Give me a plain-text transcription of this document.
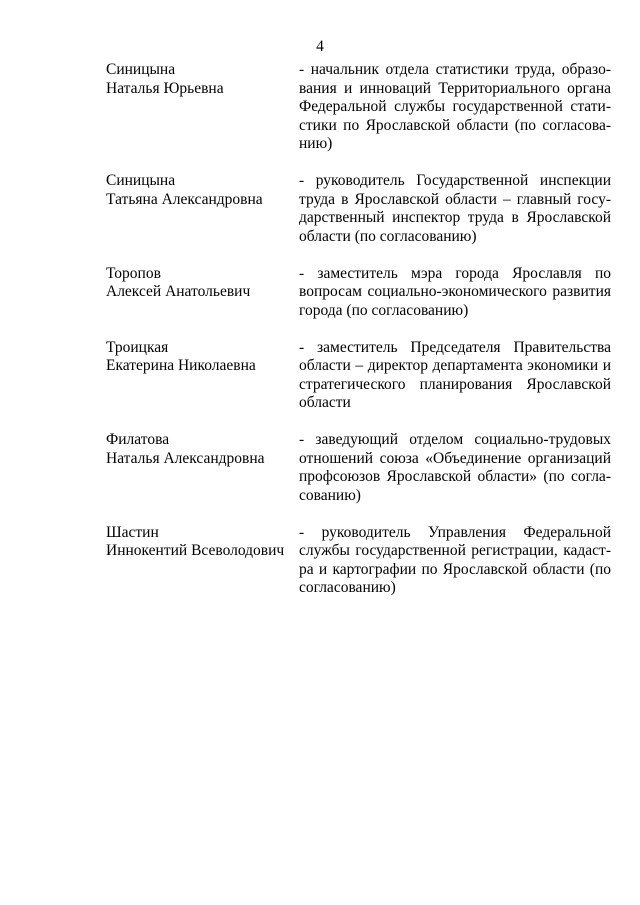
4
Синицына
Наталья Юрьевна
- начальник отдела статистики труда, образования и инноваций Территориального органа Федеральной службы государственной статистики по Ярославской области (по согласованию)
Синицына
Татьяна Александровна
- руководитель Государственной инспекции труда в Ярославской области – главный государственный инспектор труда в Ярославской области (по согласованию)
Торопов
Алексей Анатольевич
- заместитель мэра города Ярославля по вопросам социально-экономического развития города (по согласованию)
Троицкая
Екатерина Николаевна
- заместитель Председателя Правительства области – директор департамента экономики и стратегического планирования Ярославской области
Филатова
Наталья Александровна
- заведующий отделом социально-трудовых отношений союза «Объединение организаций профсоюзов Ярославской области» (по согласованию)
Шастин
Иннокентий Всеволодович
- руководитель Управления Федеральной службы государственной регистрации, кадастра и картографии по Ярославской области (по согласованию)
